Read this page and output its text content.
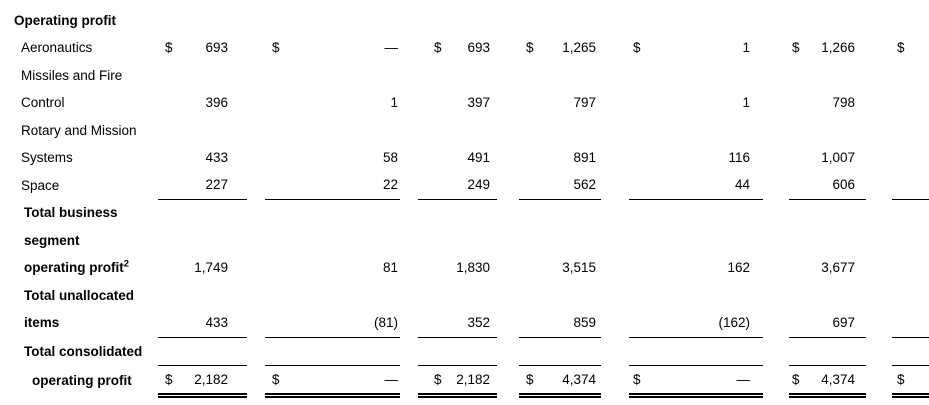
Operating profit														
Aeronautics		$ 693		$ —		$ 693		$ 1,265		$ 1		$ 1,266		$

Missiles and Fire														
Control		396		1		397		797		1		798		

Rotary and Mission														
Systems		433		58		491		891		116		1,007		

Space		227		22		249		562		44		606		

Total business														
segment														
operating profit$^2$		1,749		81		1,830		3,515		162		3,677		

Total unallocated														
items		433		(81)		352		859		(162)		697		

Total consolidated														
operating profit		$ 2,182		$ —		$ 2,182		$ 4,374		$ —		$ 4,374		$
